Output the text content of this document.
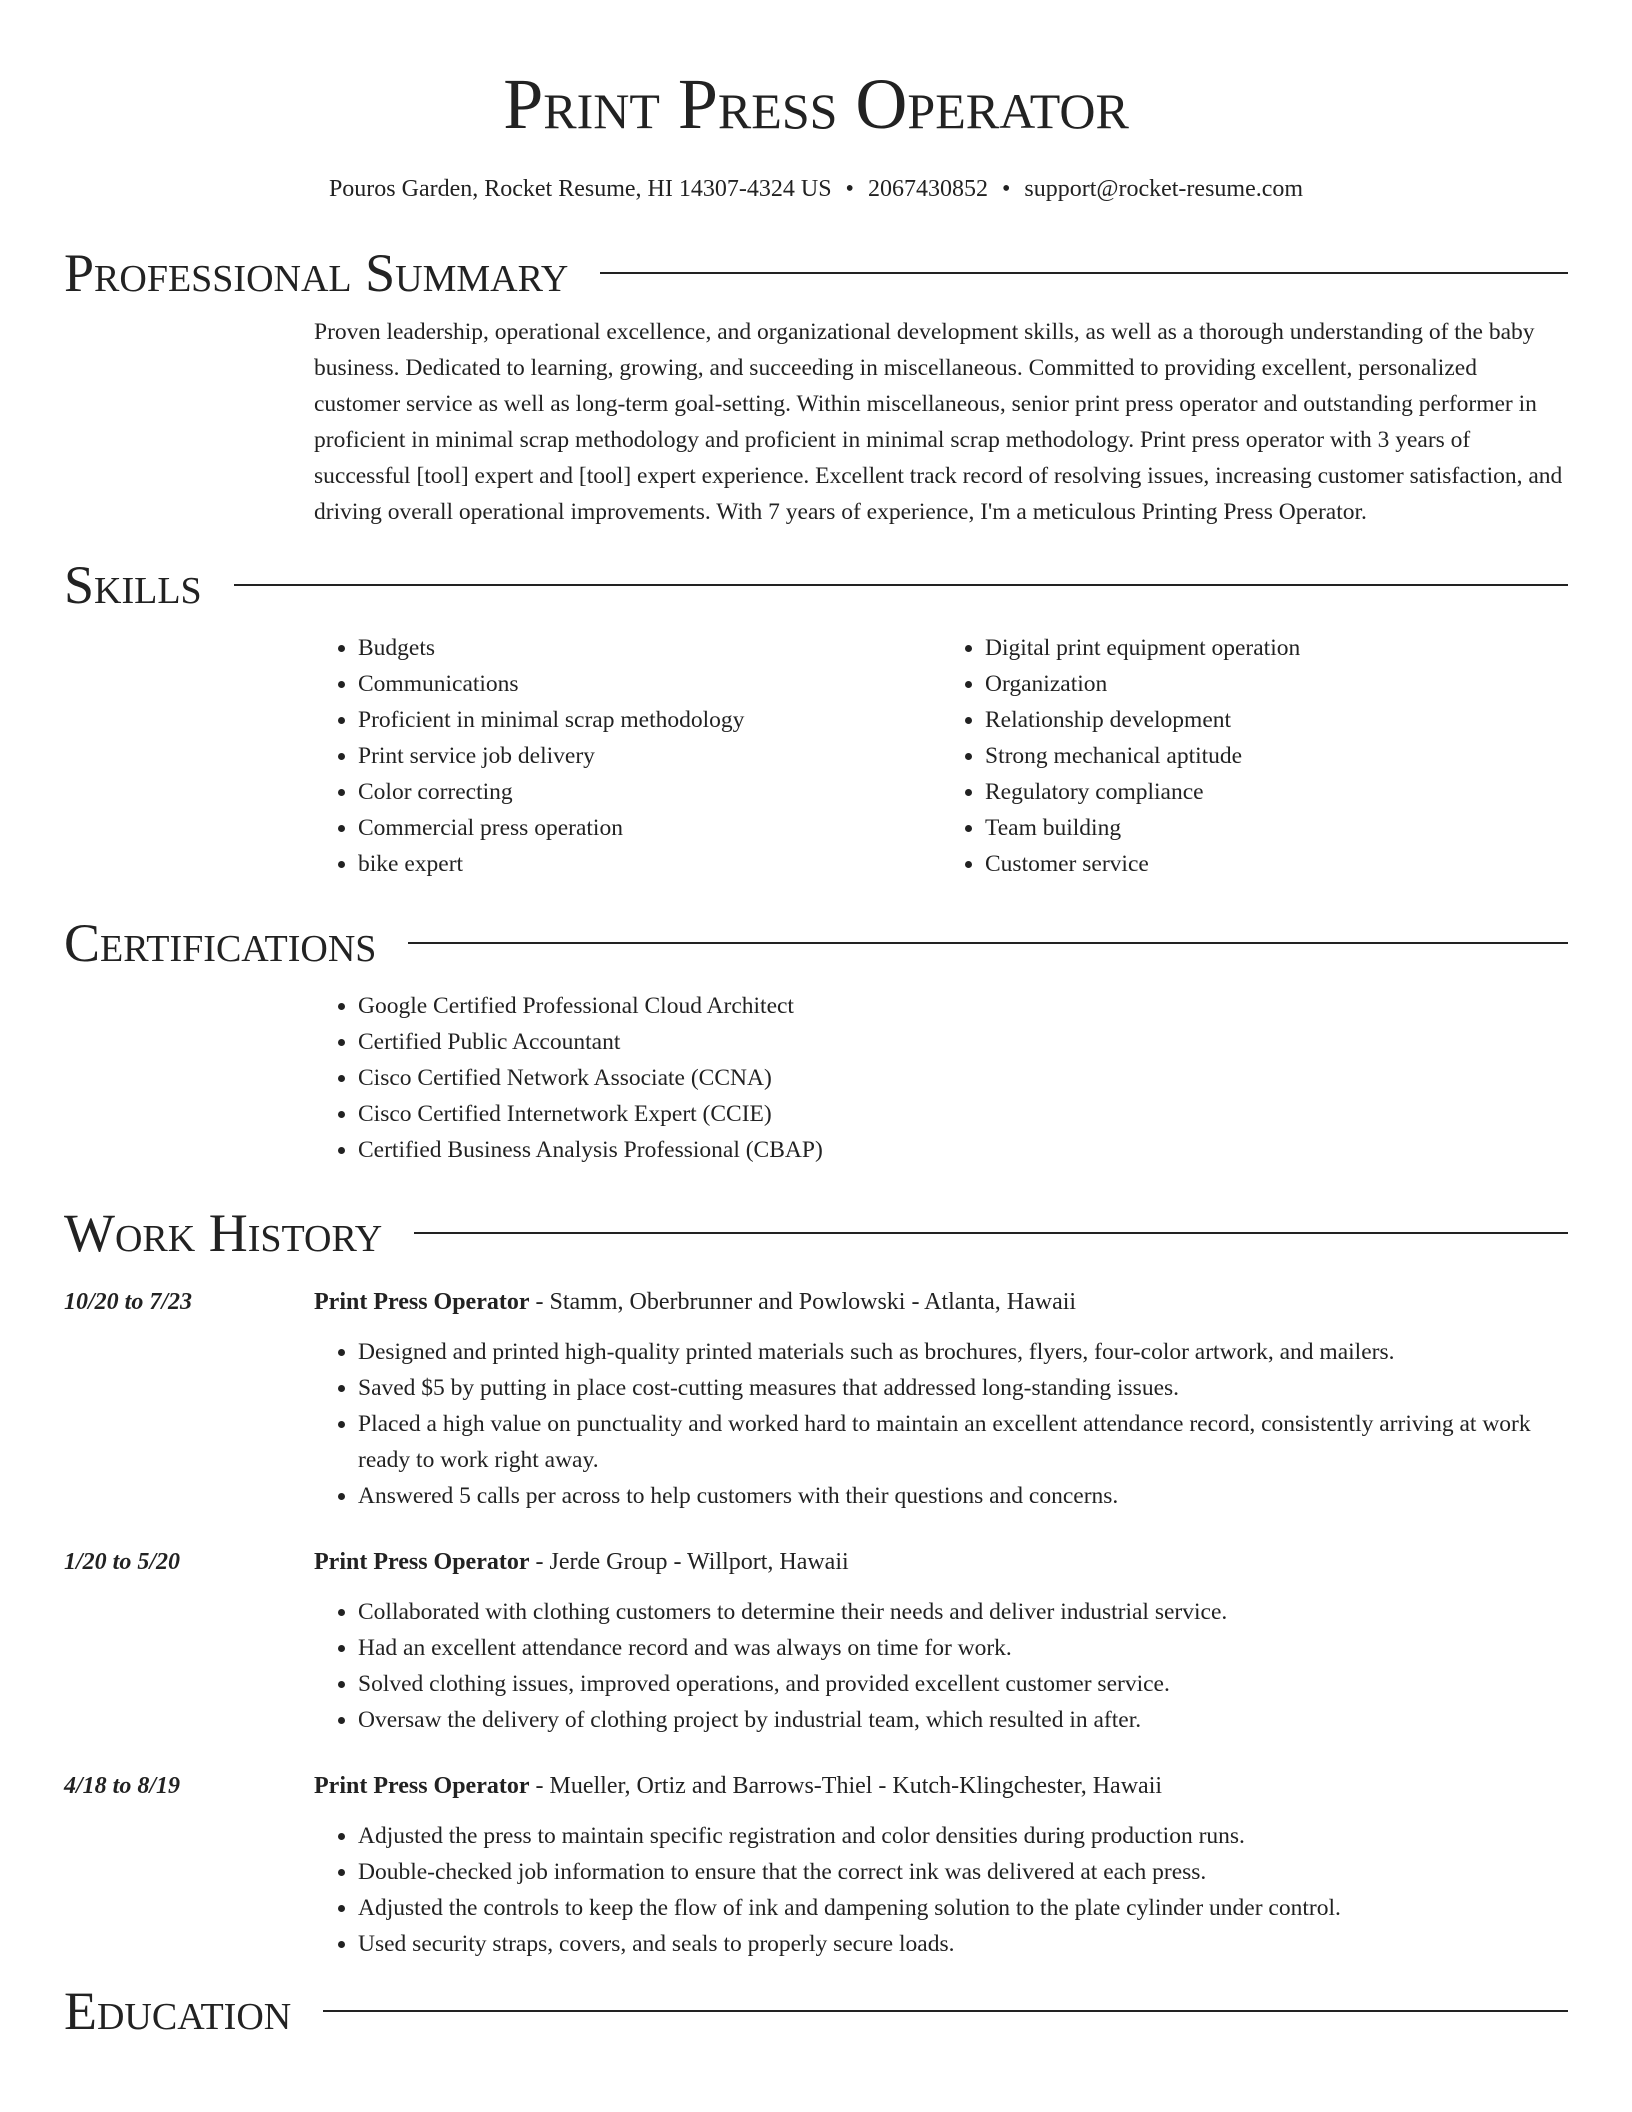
Print Press Operator
Pouros Garden, Rocket Resume, HI 14307-4324 US • 2067430852 • support@rocket-resume.com
Professional Summary
Proven leadership, operational excellence, and organizational development skills, as well as a thorough understanding of the baby business. Dedicated to learning, growing, and succeeding in miscellaneous. Committed to providing excellent, personalized customer service as well as long-term goal-setting. Within miscellaneous, senior print press operator and outstanding performer in proficient in minimal scrap methodology and proficient in minimal scrap methodology. Print press operator with 3 years of successful [tool] expert and [tool] expert experience. Excellent track record of resolving issues, increasing customer satisfaction, and driving overall operational improvements. With 7 years of experience, I'm a meticulous Printing Press Operator.
Skills
• Budgets
• Communications
• Proficient in minimal scrap methodology
• Print service job delivery
• Color correcting
• Commercial press operation
• bike expert
• Digital print equipment operation
• Organization
• Relationship development
• Strong mechanical aptitude
• Regulatory compliance
• Team building
• Customer service
Certifications
• Google Certified Professional Cloud Architect
• Certified Public Accountant
• Cisco Certified Network Associate (CCNA)
• Cisco Certified Internetwork Expert (CCIE)
• Certified Business Analysis Professional (CBAP)
Work History
10/20 to 7/23	Print Press Operator - Stamm, Oberbrunner and Powlowski - Atlanta, Hawaii
• Designed and printed high-quality printed materials such as brochures, flyers, four-color artwork, and mailers.
• Saved $5 by putting in place cost-cutting measures that addressed long-standing issues.
• Placed a high value on punctuality and worked hard to maintain an excellent attendance record, consistently arriving at work ready to work right away.
• Answered 5 calls per across to help customers with their questions and concerns.
1/20 to 5/20	Print Press Operator - Jerde Group - Willport, Hawaii
• Collaborated with clothing customers to determine their needs and deliver industrial service.
• Had an excellent attendance record and was always on time for work.
• Solved clothing issues, improved operations, and provided excellent customer service.
• Oversaw the delivery of clothing project by industrial team, which resulted in after.
4/18 to 8/19	Print Press Operator - Mueller, Ortiz and Barrows-Thiel - Kutch-Klingchester, Hawaii
• Adjusted the press to maintain specific registration and color densities during production runs.
• Double-checked job information to ensure that the correct ink was delivered at each press.
• Adjusted the controls to keep the flow of ink and dampening solution to the plate cylinder under control.
• Used security straps, covers, and seals to properly secure loads.
Education
